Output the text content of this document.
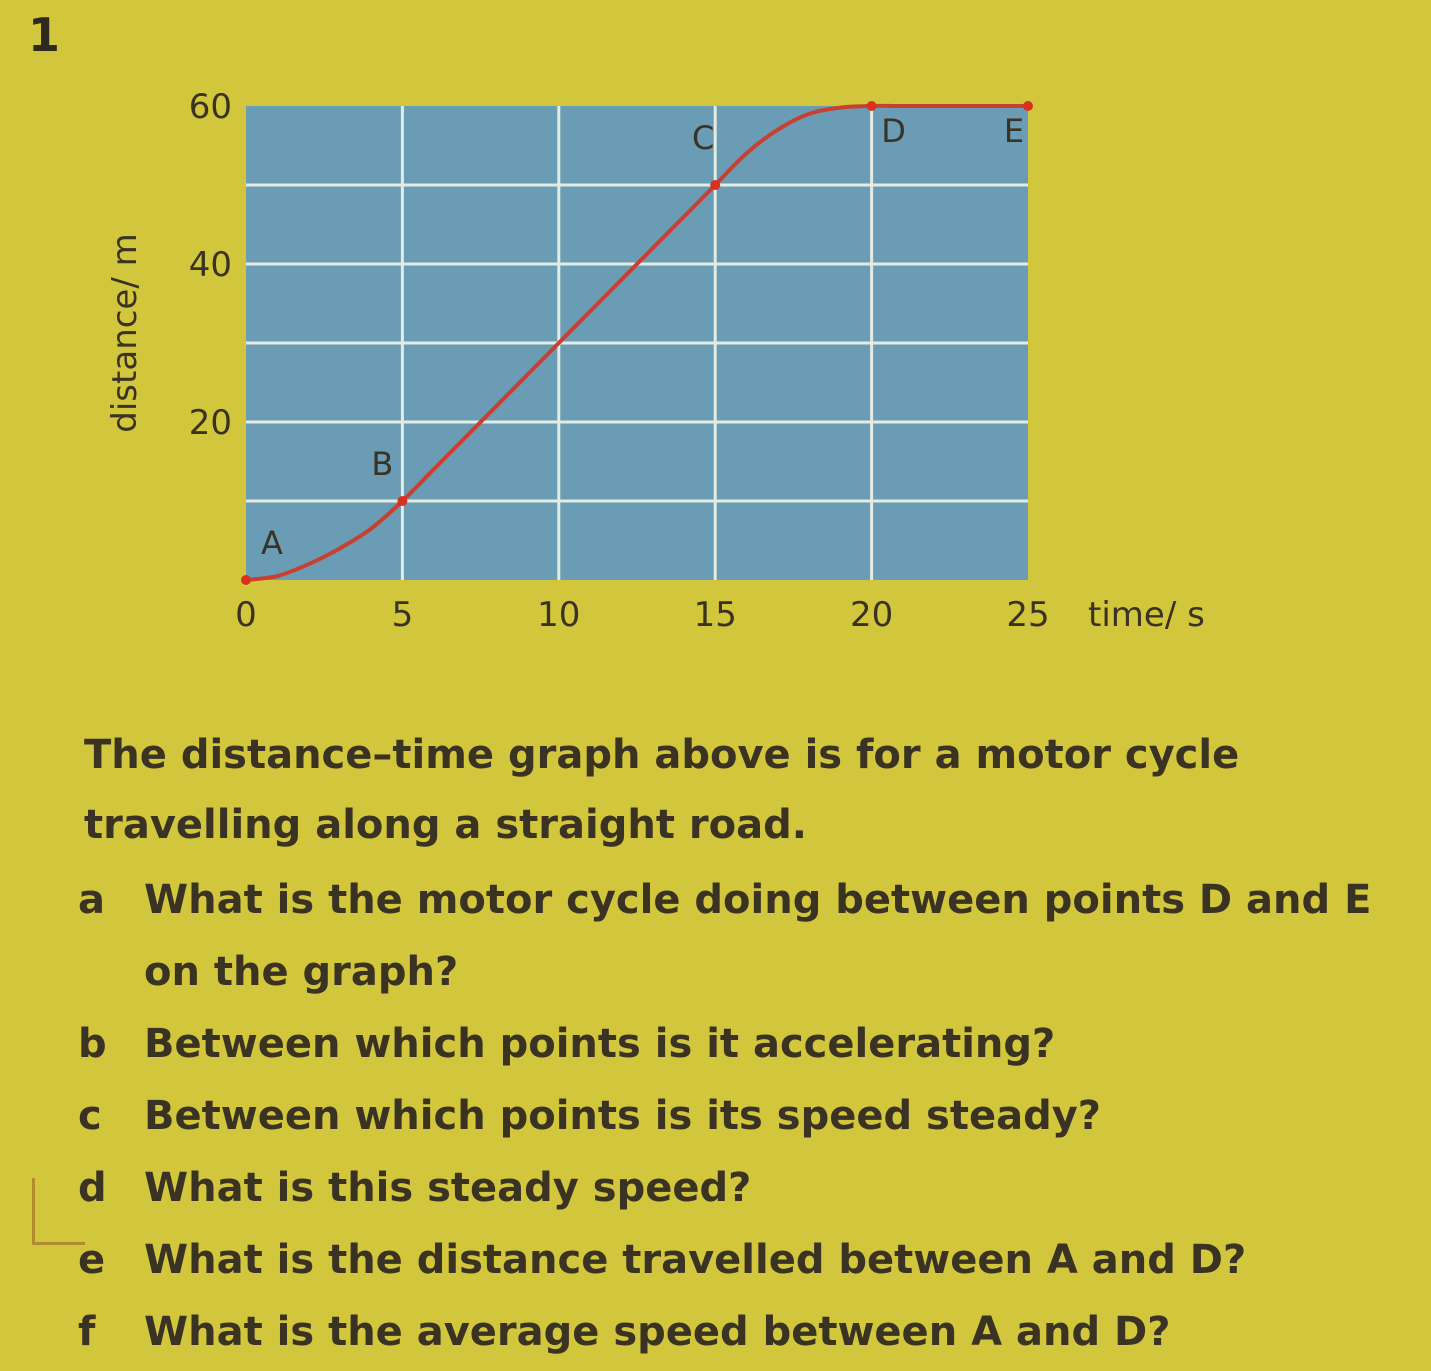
1
0	5	10	15	20	25
20
40
60
time/ s
distance/ m
A
B
C	D	E
The distance–time graph above is for a motor cycle travelling along a straight road.
a What is the motor cycle doing between points D and E on the graph?
b Between which points is it accelerating?
c	Between which points is its speed steady?
d What is this steady speed?
e What is the distance travelled between A and D?
f	What is the average speed between A and D?
